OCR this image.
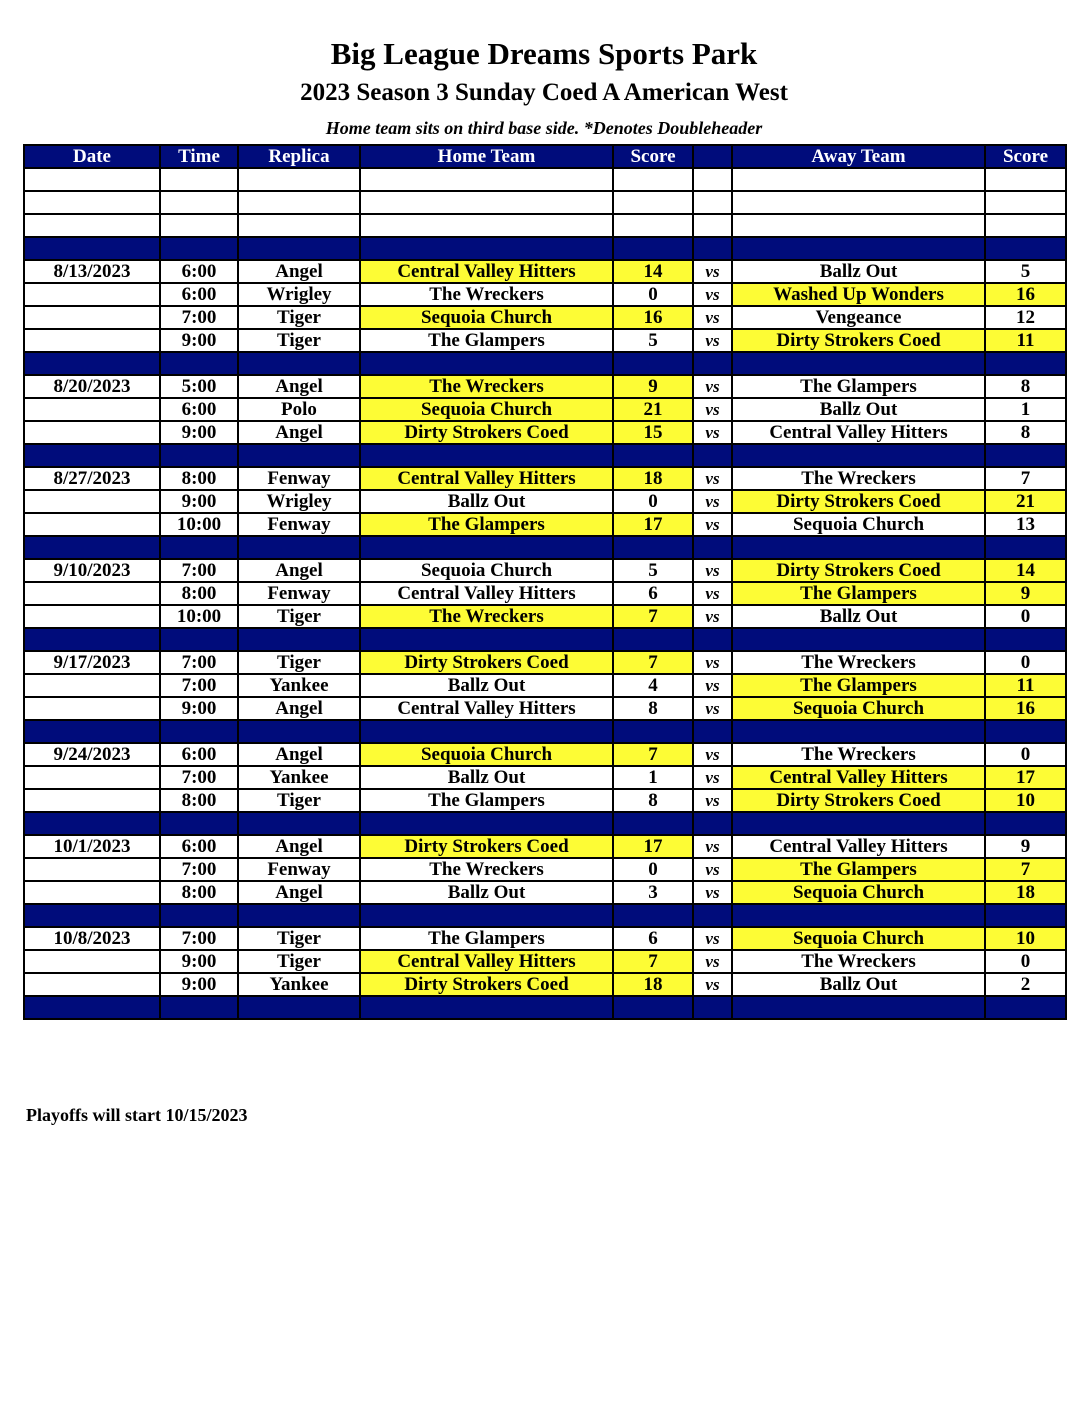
Big League Dreams Sports Park
2023 Season 3 Sunday Coed A American West
Home team sits on third base side. *Denotes Doubleheader
Date	Time	Replica	Home Team	Score		Away Team	Score

8/13/2023	6:00	Angel	Central Valley Hitters	14	vs	Ballz Out	5
	6:00	Wrigley	The Wreckers	0	vs	Washed Up Wonders	16
	7:00	Tiger	Sequoia Church	16	vs	Vengeance	12
	9:00	Tiger	The Glampers	5	vs	Dirty Strokers Coed	11

8/20/2023	5:00	Angel	The Wreckers	9	vs	The Glampers	8
	6:00	Polo	Sequoia Church	21	vs	Ballz Out	1
	9:00	Angel	Dirty Strokers Coed	15	vs	Central Valley Hitters	8

8/27/2023	8:00	Fenway	Central Valley Hitters	18	vs	The Wreckers	7
	9:00	Wrigley	Ballz Out	0	vs	Dirty Strokers Coed	21
	10:00	Fenway	The Glampers	17	vs	Sequoia Church	13

9/10/2023	7:00	Angel	Sequoia Church	5	vs	Dirty Strokers Coed	14
	8:00	Fenway	Central Valley Hitters	6	vs	The Glampers	9
	10:00	Tiger	The Wreckers	7	vs	Ballz Out	0

9/17/2023	7:00	Tiger	Dirty Strokers Coed	7	vs	The Wreckers	0
	7:00	Yankee	Ballz Out	4	vs	The Glampers	11
	9:00	Angel	Central Valley Hitters	8	vs	Sequoia Church	16

9/24/2023	6:00	Angel	Sequoia Church	7	vs	The Wreckers	0
	7:00	Yankee	Ballz Out	1	vs	Central Valley Hitters	17
	8:00	Tiger	The Glampers	8	vs	Dirty Strokers Coed	10

10/1/2023	6:00	Angel	Dirty Strokers Coed	17	vs	Central Valley Hitters	9
	7:00	Fenway	The Wreckers	0	vs	The Glampers	7
	8:00	Angel	Ballz Out	3	vs	Sequoia Church	18

10/8/2023	7:00	Tiger	The Glampers	6	vs	Sequoia Church	10
	9:00	Tiger	Central Valley Hitters	7	vs	The Wreckers	0
	9:00	Yankee	Dirty Strokers Coed	18	vs	Ballz Out	2

Playoffs will start 10/15/2023
